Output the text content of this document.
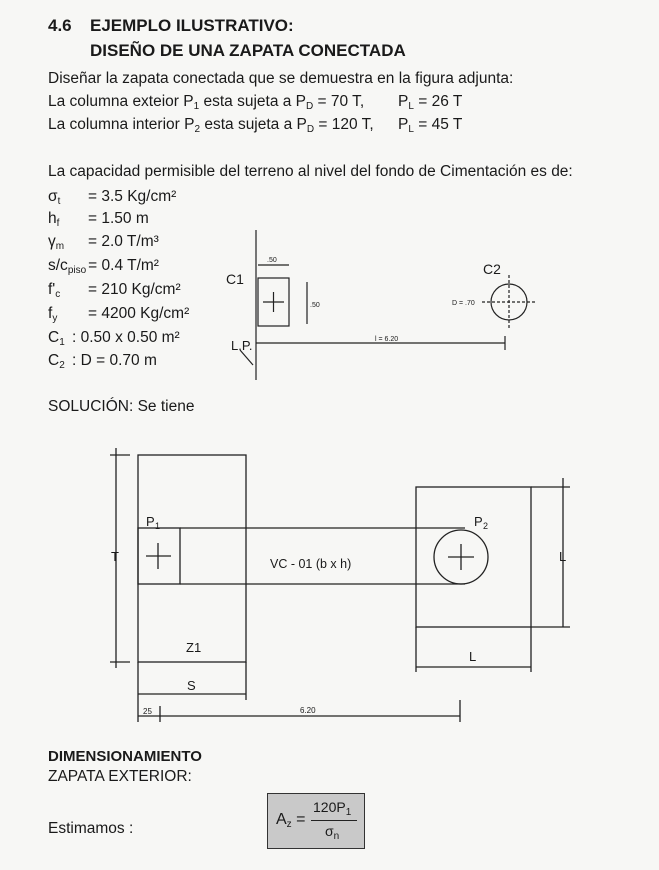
4.6 EJEMPLO ILUSTRATIVO:
DISEÑO DE UNA ZAPATA CONECTADA
Diseñar la zapata conectada que se demuestra en la figura adjunta:
La columna exteior P1 esta sujeta a PD = 70 T, PL = 26 T
La columna interior P2 esta sujeta a PD = 120 T, PL = 45 T
La capacidad permisible del terreno al nivel del fondo de Cimentación es de:
σt = 3.5 Kg/cm²
hf = 1.50 m
γm = 2.0 T/m³
s/cpiso = 0.4 T/m²
f'c = 210 Kg/cm²
fy = 4200 Kg/cm²
C1 : 0.50 x 0.50 m²
C2 : D = 0.70 m
C1
C2
.50
.50
L.P.	l = 6.20
D = .70
SOLUCIÓN: Se tiene
P 1	P 2
VC - 01 (b x h)
Z1
T	L
L
S
25	6.20
DIMENSIONAMIENTO
ZAPATA EXTERIOR:
Estimamos :
Az =
$120P_1$
$\sigma_n$
